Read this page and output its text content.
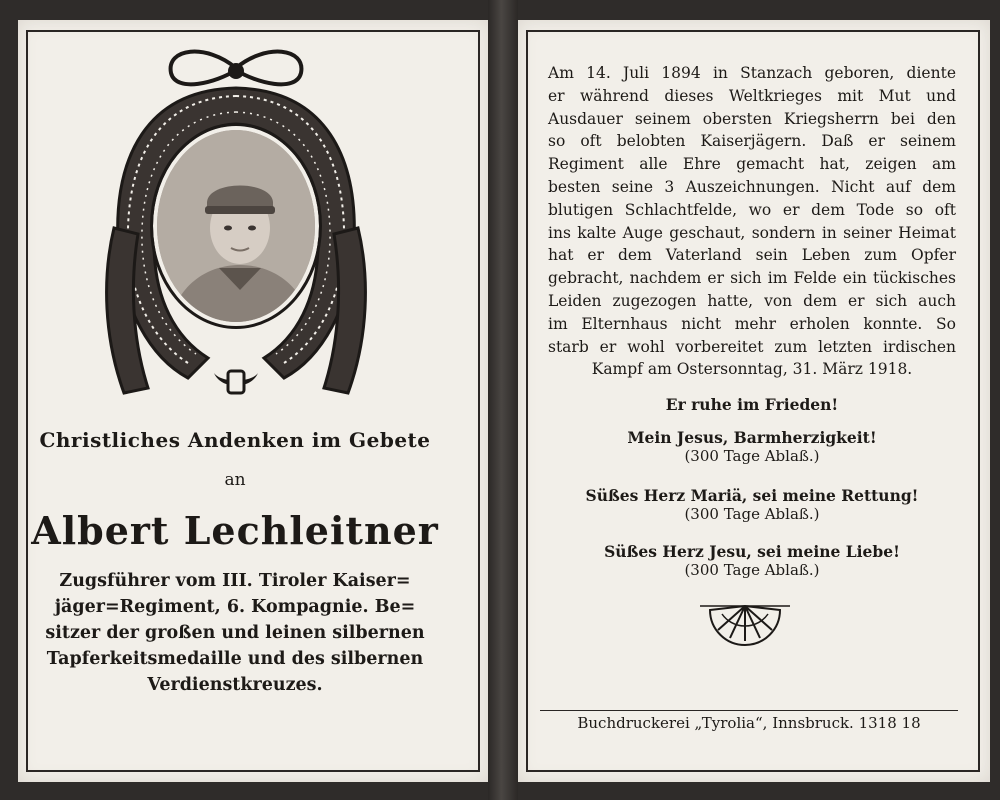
Christliches Andenken im Gebete
an
Albert Lechleitner
Zugsführer vom III. Tiroler Kaiser=
jäger=Regiment, 6. Kompagnie. Be=
sitzer der großen und leinen silbernen
Tapferkeitsmedaille und des silbernen
Verdienstkreuzes.
Am 14. Juli 1894 in Stanzach geboren, diente
er während dieses Weltkrieges mit Mut und
Ausdauer seinem obersten Kriegsherrn bei den
so oft belobten Kaiserjägern. Daß er seinem
Regiment alle Ehre gemacht hat, zeigen am
besten seine 3 Auszeichnungen. Nicht auf dem
blutigen Schlachtfelde, wo er dem Tode so oft
ins kalte Auge geschaut, sondern in seiner Heimat
hat er dem Vaterland sein Leben zum Opfer
gebracht, nachdem er sich im Felde ein tückisches
Leiden zugezogen hatte, von dem er sich auch
im Elternhaus nicht mehr erholen konnte. So
starb er wohl vorbereitet zum letzten irdischen
Kampf am Ostersonntag, 31. März 1918.
Er ruhe im Frieden!
Mein Jesus, Barmherzigkeit!
(300 Tage Ablaß.)
Süßes Herz Mariä, sei meine Rettung!
(300 Tage Ablaß.)
Süßes Herz Jesu, sei meine Liebe!
(300 Tage Ablaß.)
Buchdruckerei „Tyrolia“, Innsbruck. 1318 18
